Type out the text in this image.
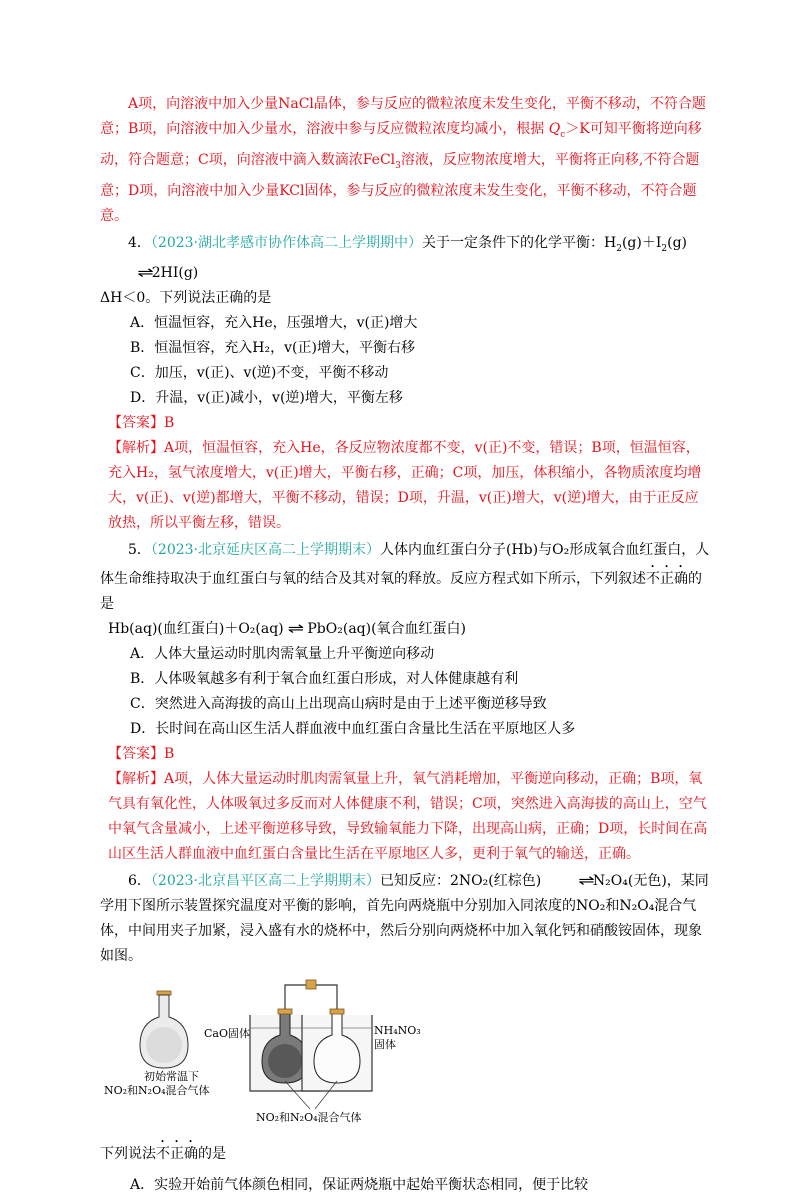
A项，向溶液中加入少量NaCl晶体，参与反应的微粒浓度未发生变化，平衡不移动，不符合题意；B项，向溶液中加入少量水，溶液中参与反应微粒浓度均减小，根据 $Q_c>K$可知平衡将逆向移动，符合题意；C项，向溶液中滴入数滴浓FeCl$_3$溶液，反应物浓度增大，平衡将正向移,不符合题意；D项，向溶液中加入少量KCl固体，参与反应的微粒浓度未发生变化，平衡不移动，不符合题意。

4．（2023·湖北孝感市协作体高二上学期期中）关于一定条件下的化学平衡：$H_2(g)+I_2(g)\rightleftharpoons 2HI(g)$

ΔH＜0。下列说法正确的是

A．恒温恒容，充入He，压强增大，v(正)增大

B．恒温恒容，充入H₂，v(正)增大，平衡右移

C．加压，v(正)、v(逆)不变，平衡不移动

D．升温，v(正)减小，v(逆)增大，平衡左移

【答案】B

【解析】A项，恒温恒容，充入He，各反应物浓度都不变，v(正)不变，错误；B项，恒温恒容，充入H₂，氢气浓度增大，v(正)增大，平衡右移，正确；C项，加压，体积缩小，各物质浓度均增大，v(正)、v(逆)都增大，平衡不移动，错误；D项，升温，v(正)增大，v(逆)增大，由于正反应放热，所以平衡左移，错误。

5．（2023·北京延庆区高二上学期期末）人体内血红蛋白分子(Hb)与O₂形成氧合血红蛋白，人体生命维持取决于血红蛋白与氧的结合及其对氧的释放。反应方程式如下所示，下列叙述不正确的是

Hb(aq)(血红蛋白)＋O₂(aq) ⇌ PbO₂(aq)(氧合血红蛋白)

A．人体大量运动时肌肉需氧量上升平衡逆向移动

B．人体吸氧越多有利于氧合血红蛋白形成，对人体健康越有利

C．突然进入高海拔的高山上出现高山病时是由于上述平衡逆移导致

D．长时间在高山区生活人群血液中血红蛋白含量比生活在平原地区人多

【答案】B

【解析】A项，人体大量运动时肌肉需氧量上升，氧气消耗增加，平衡逆向移动，正确；B项，氧气具有氧化性，人体吸氧过多反而对人体健康不利，错误；C项，突然进入高海拔的高山上，空气中氧气含量减小，上述平衡逆移导致，导致输氧能力下降，出现高山病，正确；D项，长时间在高山区生活人群血液中血红蛋白含量比生活在平原地区人多，更利于氧气的输送，正确。

6．（2023·北京昌平区高二上学期期末）已知反应：2NO₂(红棕色)	⇌N₂O₄(无色)，某同学用下图所示装置探究温度对平衡的影响，首先向两烧瓶中分别加入同浓度的NO₂和N₂O₄混合气体，中间用夹子加紧，浸入盛有水的烧杯中，然后分别向两烧杯中加入氧化钙和硝酸铵固体，现象如图。

初始常温下
NO₂和N₂O₄混合气体
CaO固体	NH₄NO₃
固体
NO₂和N₂O₄混合气体

下列说法不正确的是

A．实验开始前气体颜色相同，保证两烧瓶中起始平衡状态相同，便于比较
